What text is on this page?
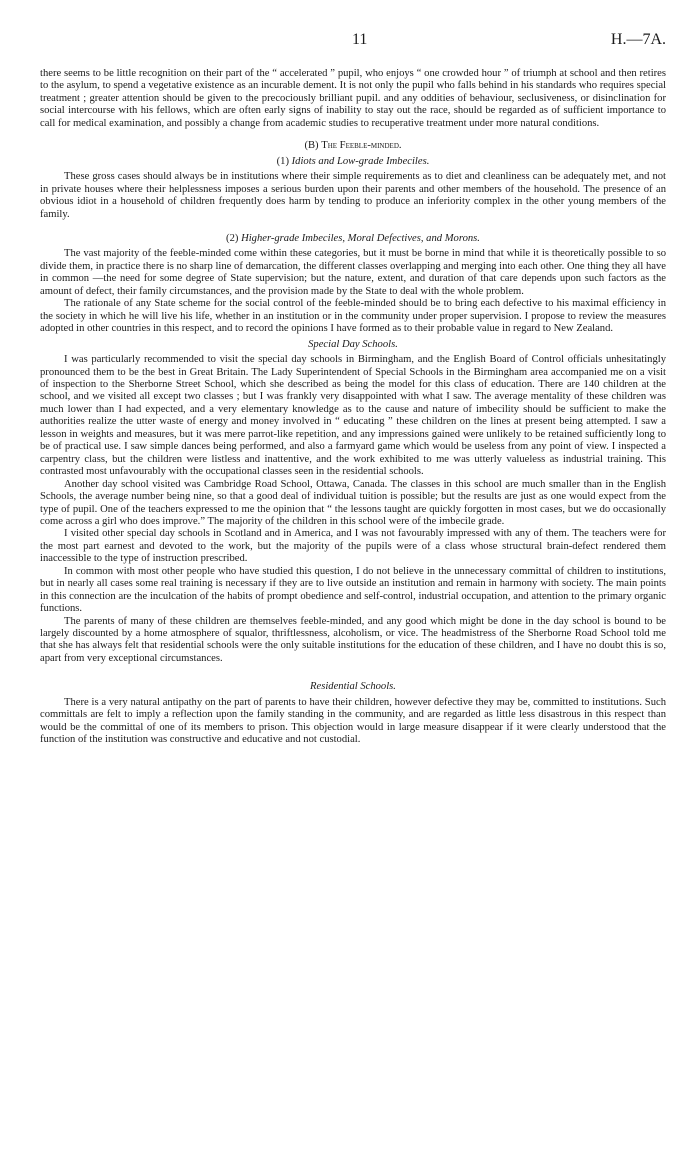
11	H.—7A.

there seems to be little recognition on their part of the “ accelerated ” pupil, who enjoys “ one crowded hour ” of triumph at school and then retires to the asylum, to spend a vegetative existence as an incurable dement. It is not only the pupil who falls behind in his standards who requires special treatment ; greater attention should be given to the precociously brilliant pupil. and any oddities of behaviour, seclusiveness, or disinclination for social intercourse with his fellows, which are often early signs of inability to stay out the race, should be regarded as of sufficient importance to call for medical examination, and possibly a change from academic studies to recuperative treatment under more natural conditions.

(B) The Feeble-minded.
(1) Idiots and Low-grade Imbeciles.

These gross cases should always be in institutions where their simple requirements as to diet and cleanliness can be adequately met, and not in private houses where their helplessness imposes a serious burden upon their parents and other members of the household. The presence of an obvious idiot in a household of children frequently does harm by tending to produce an inferiority complex in the other young members of the family.

(2) Higher-grade Imbeciles, Moral Defectives, and Morons.

The vast majority of the feeble-minded come within these categories, but it must be borne in mind that while it is theoretically possible to so divide them, in practice there is no sharp line of demarcation, the different classes overlapping and merging into each other. One thing they all have in common —the need for some degree of State supervision; but the nature, extent, and duration of that care depends upon such factors as the amount of defect, their family circumstances, and the provision made by the State to deal with the whole problem.

The rationale of any State scheme for the social control of the feeble-minded should be to bring each defective to his maximal efficiency in the society in which he will live his life, whether in an institution or in the community under proper supervision. I propose to review the measures adopted in other countries in this respect, and to record the opinions I have formed as to their probable value in regard to New Zealand.

Special Day Schools.

I was particularly recommended to visit the special day schools in Birmingham, and the English Board of Control officials unhesitatingly pronounced them to be the best in Great Britain. The Lady Superintendent of Special Schools in the Birmingham area accompanied me on a visit of inspection to the Sherborne Street School, which she described as being the model for this class of education. There are 140 children at the school, and we visited all except two classes ; but I was frankly very disappointed with what I saw. The average mentality of these children was much lower than I had expected, and a very elementary knowledge as to the cause and nature of imbecility should be sufficient to make the authorities realize the utter waste of energy and money involved in “ educating ” these children on the lines at present being attempted. I saw a lesson in weights and measures, but it was mere parrot-like repetition, and any impressions gained were unlikely to be retained sufficiently long to be of practical use. I saw simple dances being performed, and also a farmyard game which would be useless from any point of view. I inspected a carpentry class, but the children were listless and inattentive, and the work exhibited to me was utterly valueless as industrial training. This contrasted most unfavourably with the occupational classes seen in the residential schools.

Another day school visited was Cambridge Road School, Ottawa, Canada. The classes in this school are much smaller than in the English Schools, the average number being nine, so that a good deal of individual tuition is possible; but the results are just as one would expect from the type of pupil. One of the teachers expressed to me the opinion that “ the lessons taught are quickly forgotten in most cases, but we do occasionally come across a girl who does improve.” The majority of the children in this school were of the imbecile grade.

I visited other special day schools in Scotland and in America, and I was not favourably impressed with any of them. The teachers were for the most part earnest and devoted to the work, but the majority of the pupils were of a class whose structural brain-defect rendered them inaccessible to the type of instruction prescribed.

In common with most other people who have studied this question, I do not believe in the unnecessary committal of children to institutions, but in nearly all cases some real training is necessary if they are to live outside an institution and remain in harmony with society. The main points in this connection are the inculcation of the habits of prompt obedience and self-control, industrial occupation, and attention to the primary organic functions.

The parents of many of these children are themselves feeble-minded, and any good which might be done in the day school is bound to be largely discounted by a home atmosphere of squalor, thriftlessness, alcoholism, or vice. The headmistress of the Sherborne Road School told me that she has always felt that residential schools were the only suitable institutions for the education of these children, and I have no doubt this is so, apart from very exceptional circumstances.

Residential Schools.

There is a very natural antipathy on the part of parents to have their children, however defective they may be, committed to institutions. Such committals are felt to imply a reflection upon the family standing in the community, and are regarded as little less disastrous in this respect than would be the committal of one of its members to prison. This objection would in large measure disappear if it were clearly understood that the function of the institution was constructive and educative and not custodial.
